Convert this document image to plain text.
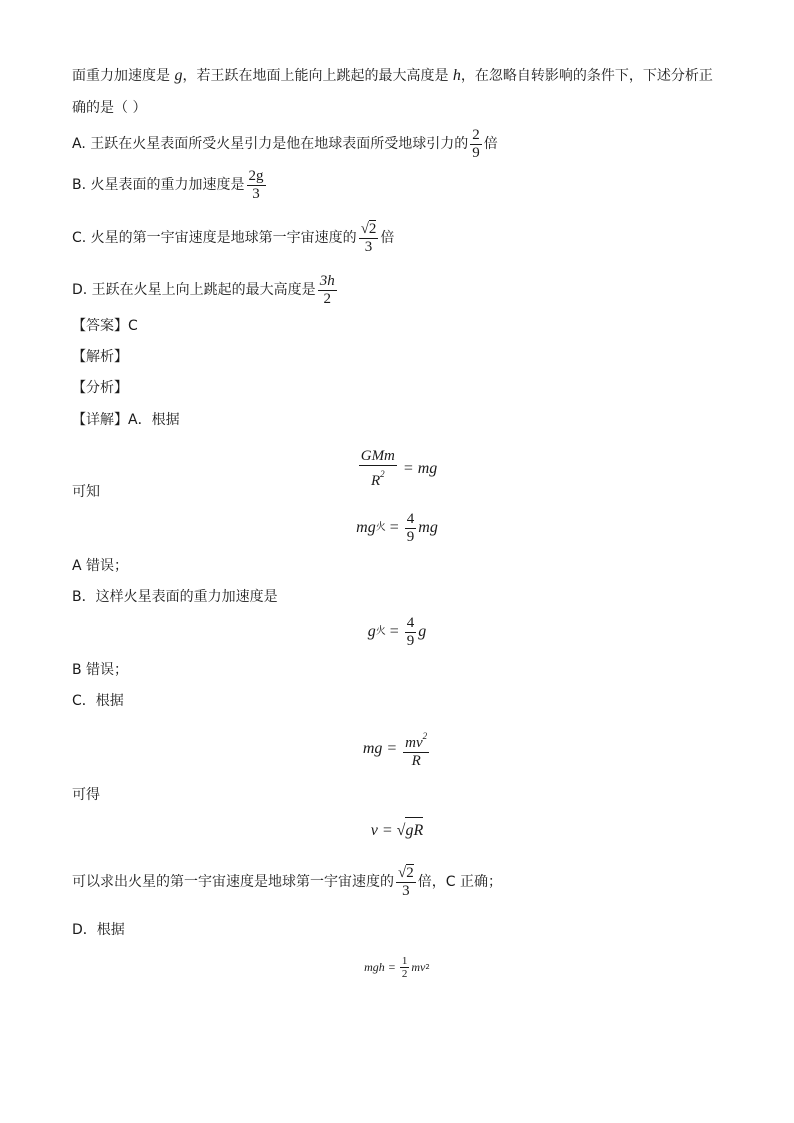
面重力加速度是 g，若王跃在地面上能向上跳起的最大高度是 h，在忽略自转影响的条件下，下述分析正
确的是（ ）
A. 王跃在火星表面所受火星引力是他在地球表面所受地球引力的 $\frac{2}{9}$ 倍
B. 火星表面的重力加速度是 $\frac{2g}{3}$
C. 火星的第一宇宙速度是地球第一宇宙速度的 $\frac{√2}{3}$ 倍
D. 王跃在火星上向上跳起的最大高度是 $\frac{3h}{2}$
【答案】C
【解析】
【分析】
【详解】A．根据
$\frac{\text{GMm}}{R^2}$ = mg
可知
mg 火 = $\frac{4}{9}$ mg
A 错误；
B．这样火星表面的重力加速度是
g 火 = $\frac{4}{9}$ g
B 错误；
C．根据
mg = $\frac{mv^2}{R}$
可得
v = √ gR
可以求出火星的第一宇宙速度是地球第一宇宙速度的 $\frac{√2}{3}$ 倍，C 正确；
D．根据
mgh = $\frac{1}{2}$ mv 2
